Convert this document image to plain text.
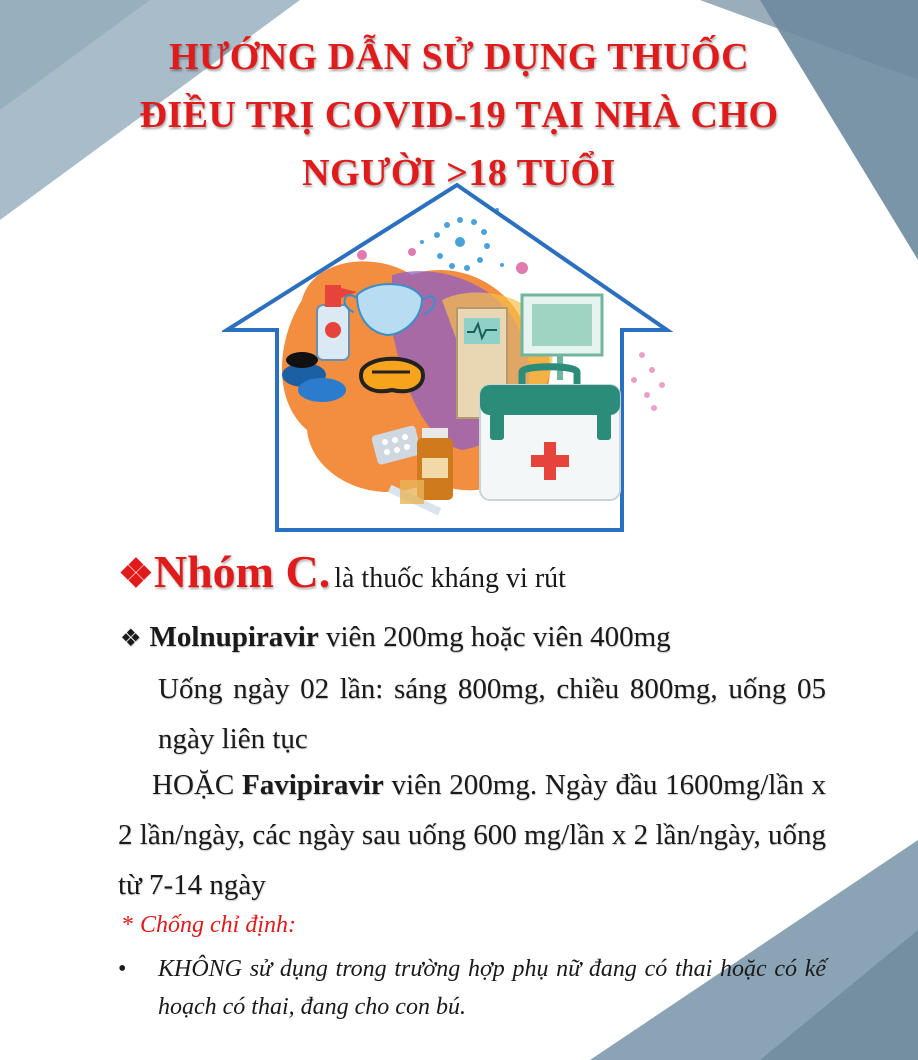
HƯỚNG DẪN SỬ DỤNG THUỐC
ĐIỀU TRỊ COVID-19 TẠI NHÀ CHO
NGƯỜI >18 TUỔI
❖Nhóm C. là thuốc kháng vi rút
❖ Molnupiravir viên 200mg hoặc viên 400mg
Uống ngày 02 lần: sáng 800mg, chiều 800mg, uống 05 ngày liên tục
HOẶC Favipiravir viên 200mg. Ngày đầu 1600mg/lần x 2 lần/ngày, các ngày sau uống 600 mg/lần x 2 lần/ngày, uống từ 7-14 ngày
* Chống chỉ định:
• KHÔNG sử dụng trong trường hợp phụ nữ đang có thai hoặc có kế hoạch có thai, đang cho con bú.
